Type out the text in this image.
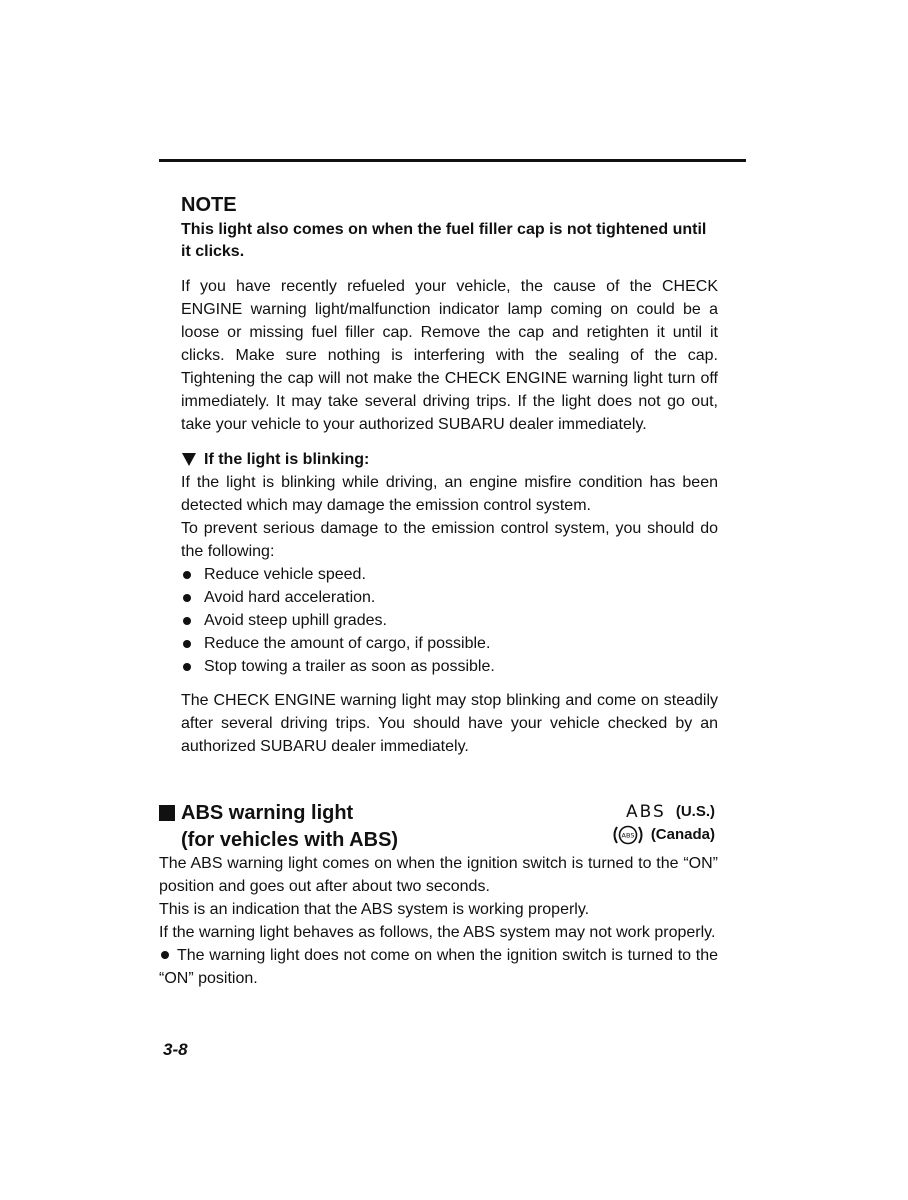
NOTE

This light also comes on when the fuel filler cap is not tightened until it clicks.

If you have recently refueled your vehicle, the cause of the CHECK ENGINE warning light/malfunction indicator lamp coming on could be a loose or missing fuel filler cap. Remove the cap and retighten it until it clicks. Make sure nothing is interfering with the sealing of the cap. Tightening the cap will not make the CHECK ENGINE warning light turn off immediately. It may take several driving trips. If the light does not go out, take your vehicle to your authorized SUBARU dealer immediately.

If the light is blinking:

If the light is blinking while driving, an engine misfire condition has been detected which may damage the emission control system.

To prevent serious damage to the emission control system, you should do the following:

Reduce vehicle speed.
Avoid hard acceleration.
Avoid steep uphill grades.
Reduce the amount of cargo, if possible.
Stop towing a trailer as soon as possible.

The CHECK ENGINE warning light may stop blinking and come on steadily after several driving trips. You should have your vehicle checked by an authorized SUBARU dealer immediately.

ABS warning light
(for vehicles with ABS)
ABS (U.S.)
ABS (Canada)

The ABS warning light comes on when the ignition switch is turned to the “ON” position and goes out after about two seconds.

This is an indication that the ABS system is working properly.

If the warning light behaves as follows, the ABS system may not work properly.

The warning light does not come on when the ignition switch is turned to the “ON” position.

3-8
